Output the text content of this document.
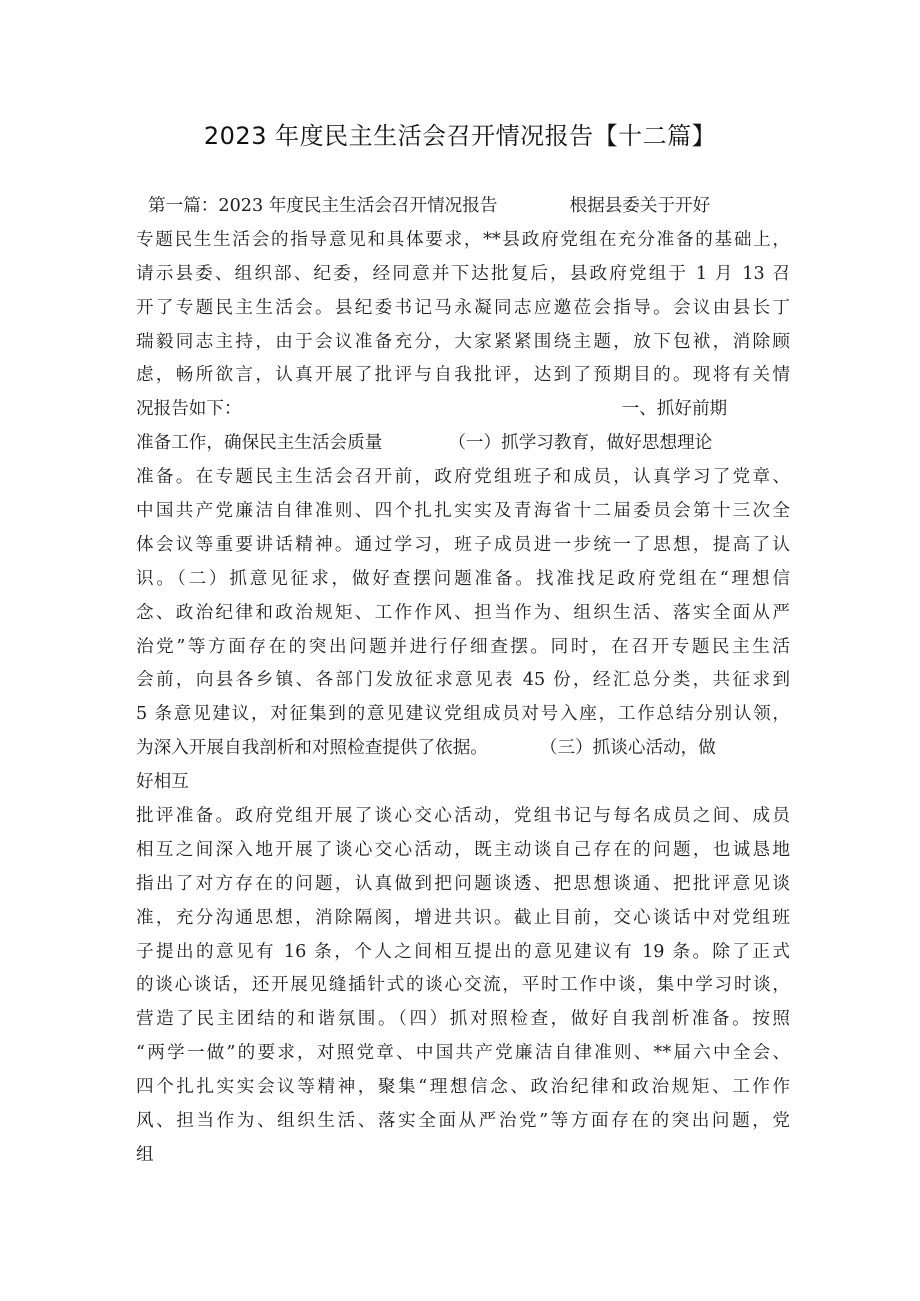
2023 年度民主生活会召开情况报告【十二篇】
第一篇：2023 年度民主生活会召开情况报告	根据县委关于开好
专题民生生活会的指导意见和具体要求，**县政府党组在充分准备的基础上，
请示县委、组织部、纪委，经同意并下达批复后，县政府党组于 1 月 13 召
开了专题民主生活会。县纪委书记马永凝同志应邀莅会指导。会议由县长丁
瑞毅同志主持，由于会议准备充分，大家紧紧围绕主题，放下包袱，消除顾
虑，畅所欲言，认真开展了批评与自我批评，达到了预期目的。现将有关情
况报告如下：	一、抓好前期
准备工作，确保民主生活会质量	（一）抓学习教育，做好思想理论
准备。在专题民主生活会召开前，政府党组班子和成员，认真学习了党章、
中国共产党廉洁自律准则、四个扎扎实实及青海省十二届委员会第十三次全
体会议等重要讲话精神。通过学习，班子成员进一步统一了思想，提高了认
识。（二）抓意见征求，做好查摆问题准备。找准找足政府党组在“理想信
念、政治纪律和政治规矩、工作作风、担当作为、组织生活、落实全面从严
治党”等方面存在的突出问题并进行仔细查摆。同时，在召开专题民主生活
会前，向县各乡镇、各部门发放征求意见表 45 份，经汇总分类，共征求到
5 条意见建议，对征集到的意见建议党组成员对号入座，工作总结分别认领，
为深入开展自我剖析和对照检查提供了依据。	（三）抓谈心活动，做
好相互
批评准备。政府党组开展了谈心交心活动，党组书记与每名成员之间、成员
相互之间深入地开展了谈心交心活动，既主动谈自己存在的问题，也诚恳地
指出了对方存在的问题，认真做到把问题谈透、把思想谈通、把批评意见谈
准，充分沟通思想，消除隔阂，增进共识。截止目前，交心谈话中对党组班
子提出的意见有 16 条，个人之间相互提出的意见建议有 19 条。除了正式
的谈心谈话，还开展见缝插针式的谈心交流，平时工作中谈，集中学习时谈，
营造了民主团结的和谐氛围。（四）抓对照检查，做好自我剖析准备。按照
“两学一做”的要求，对照党章、中国共产党廉洁自律准则、**届六中全会、
四个扎扎实实会议等精神，聚集“理想信念、政治纪律和政治规矩、工作作
风、担当作为、组织生活、落实全面从严治党”等方面存在的突出问题，党
组
